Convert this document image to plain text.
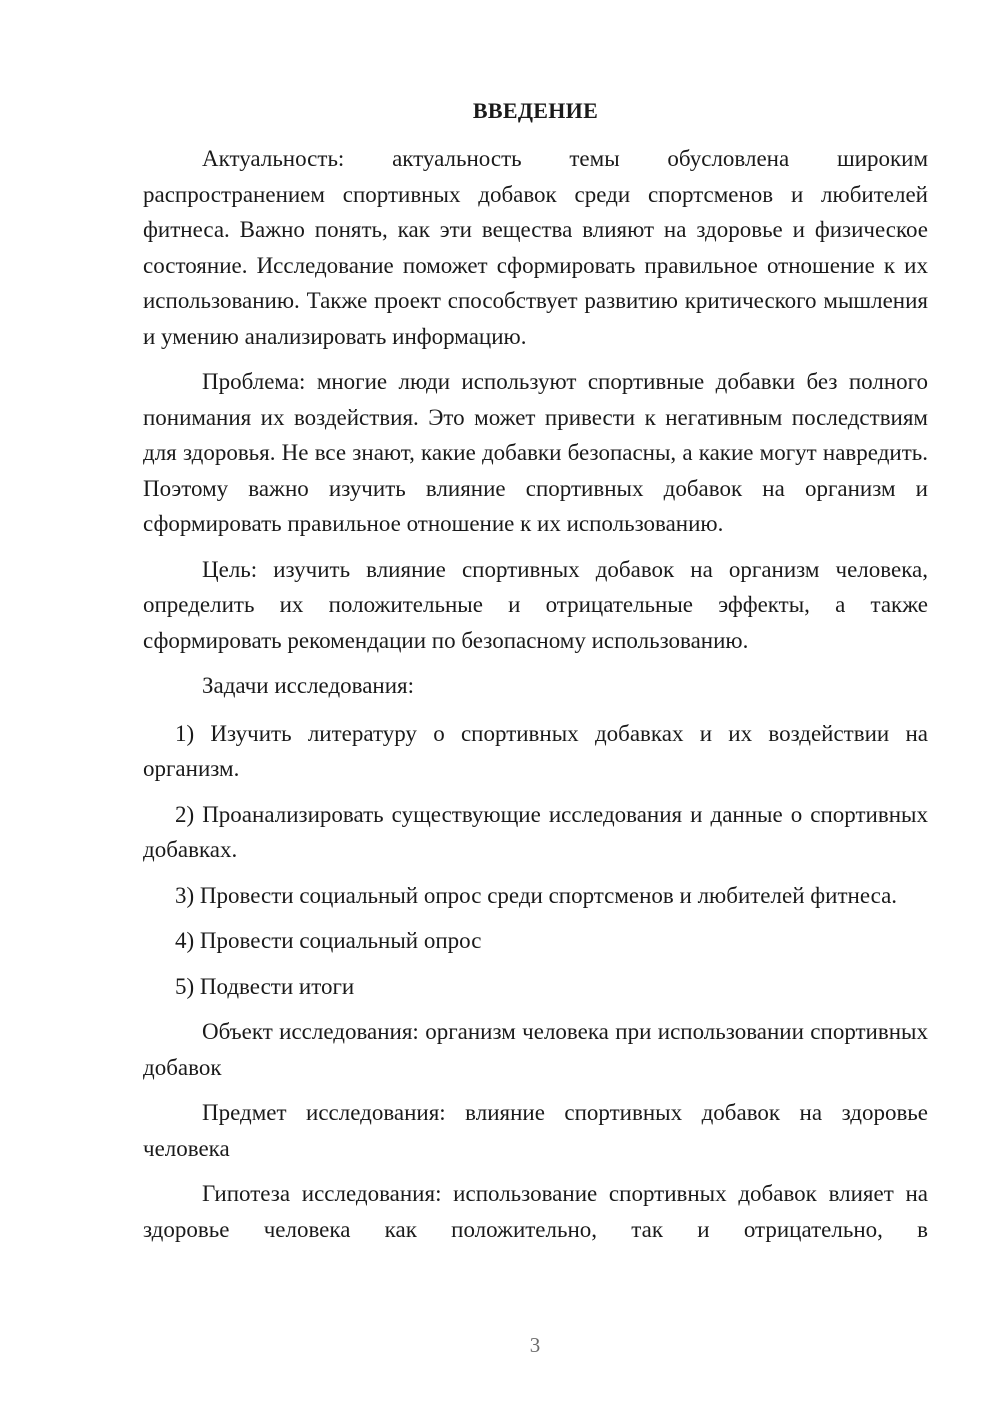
ВВЕДЕНИЕ

Актуальность: актуальность темы обусловлена широким распространением спортивных добавок среди спортсменов и любителей фитнеса. Важно понять, как эти вещества влияют на здоровье и физическое состояние. Исследование поможет сформировать правильное отношение к их использованию. Также проект способствует развитию критического мышления и умению анализировать информацию.

Проблема: многие люди используют спортивные добавки без полного понимания их воздействия. Это может привести к негативным последствиям для здоровья. Не все знают, какие добавки безопасны, а какие могут навредить. Поэтому важно изучить влияние спортивных добавок на организм и сформировать правильное отношение к их использованию.

Цель: изучить влияние спортивных добавок на организм человека, определить их положительные и отрицательные эффекты, а также сформировать рекомендации по безопасному использованию.

Задачи исследования:

1) Изучить литературу о спортивных добавках и их воздействии на организм.

2) Проанализировать существующие исследования и данные о спортивных добавках.

3) Провести социальный опрос среди спортсменов и любителей фитнеса.

4) Провести социальный опрос

5) Подвести итоги

Объект исследования: организм человека при использовании спортивных добавок

Предмет исследования: влияние спортивных добавок на здоровье человека

Гипотеза исследования: использование спортивных добавок влияет на здоровье человека как положительно, так и отрицательно, в

3
